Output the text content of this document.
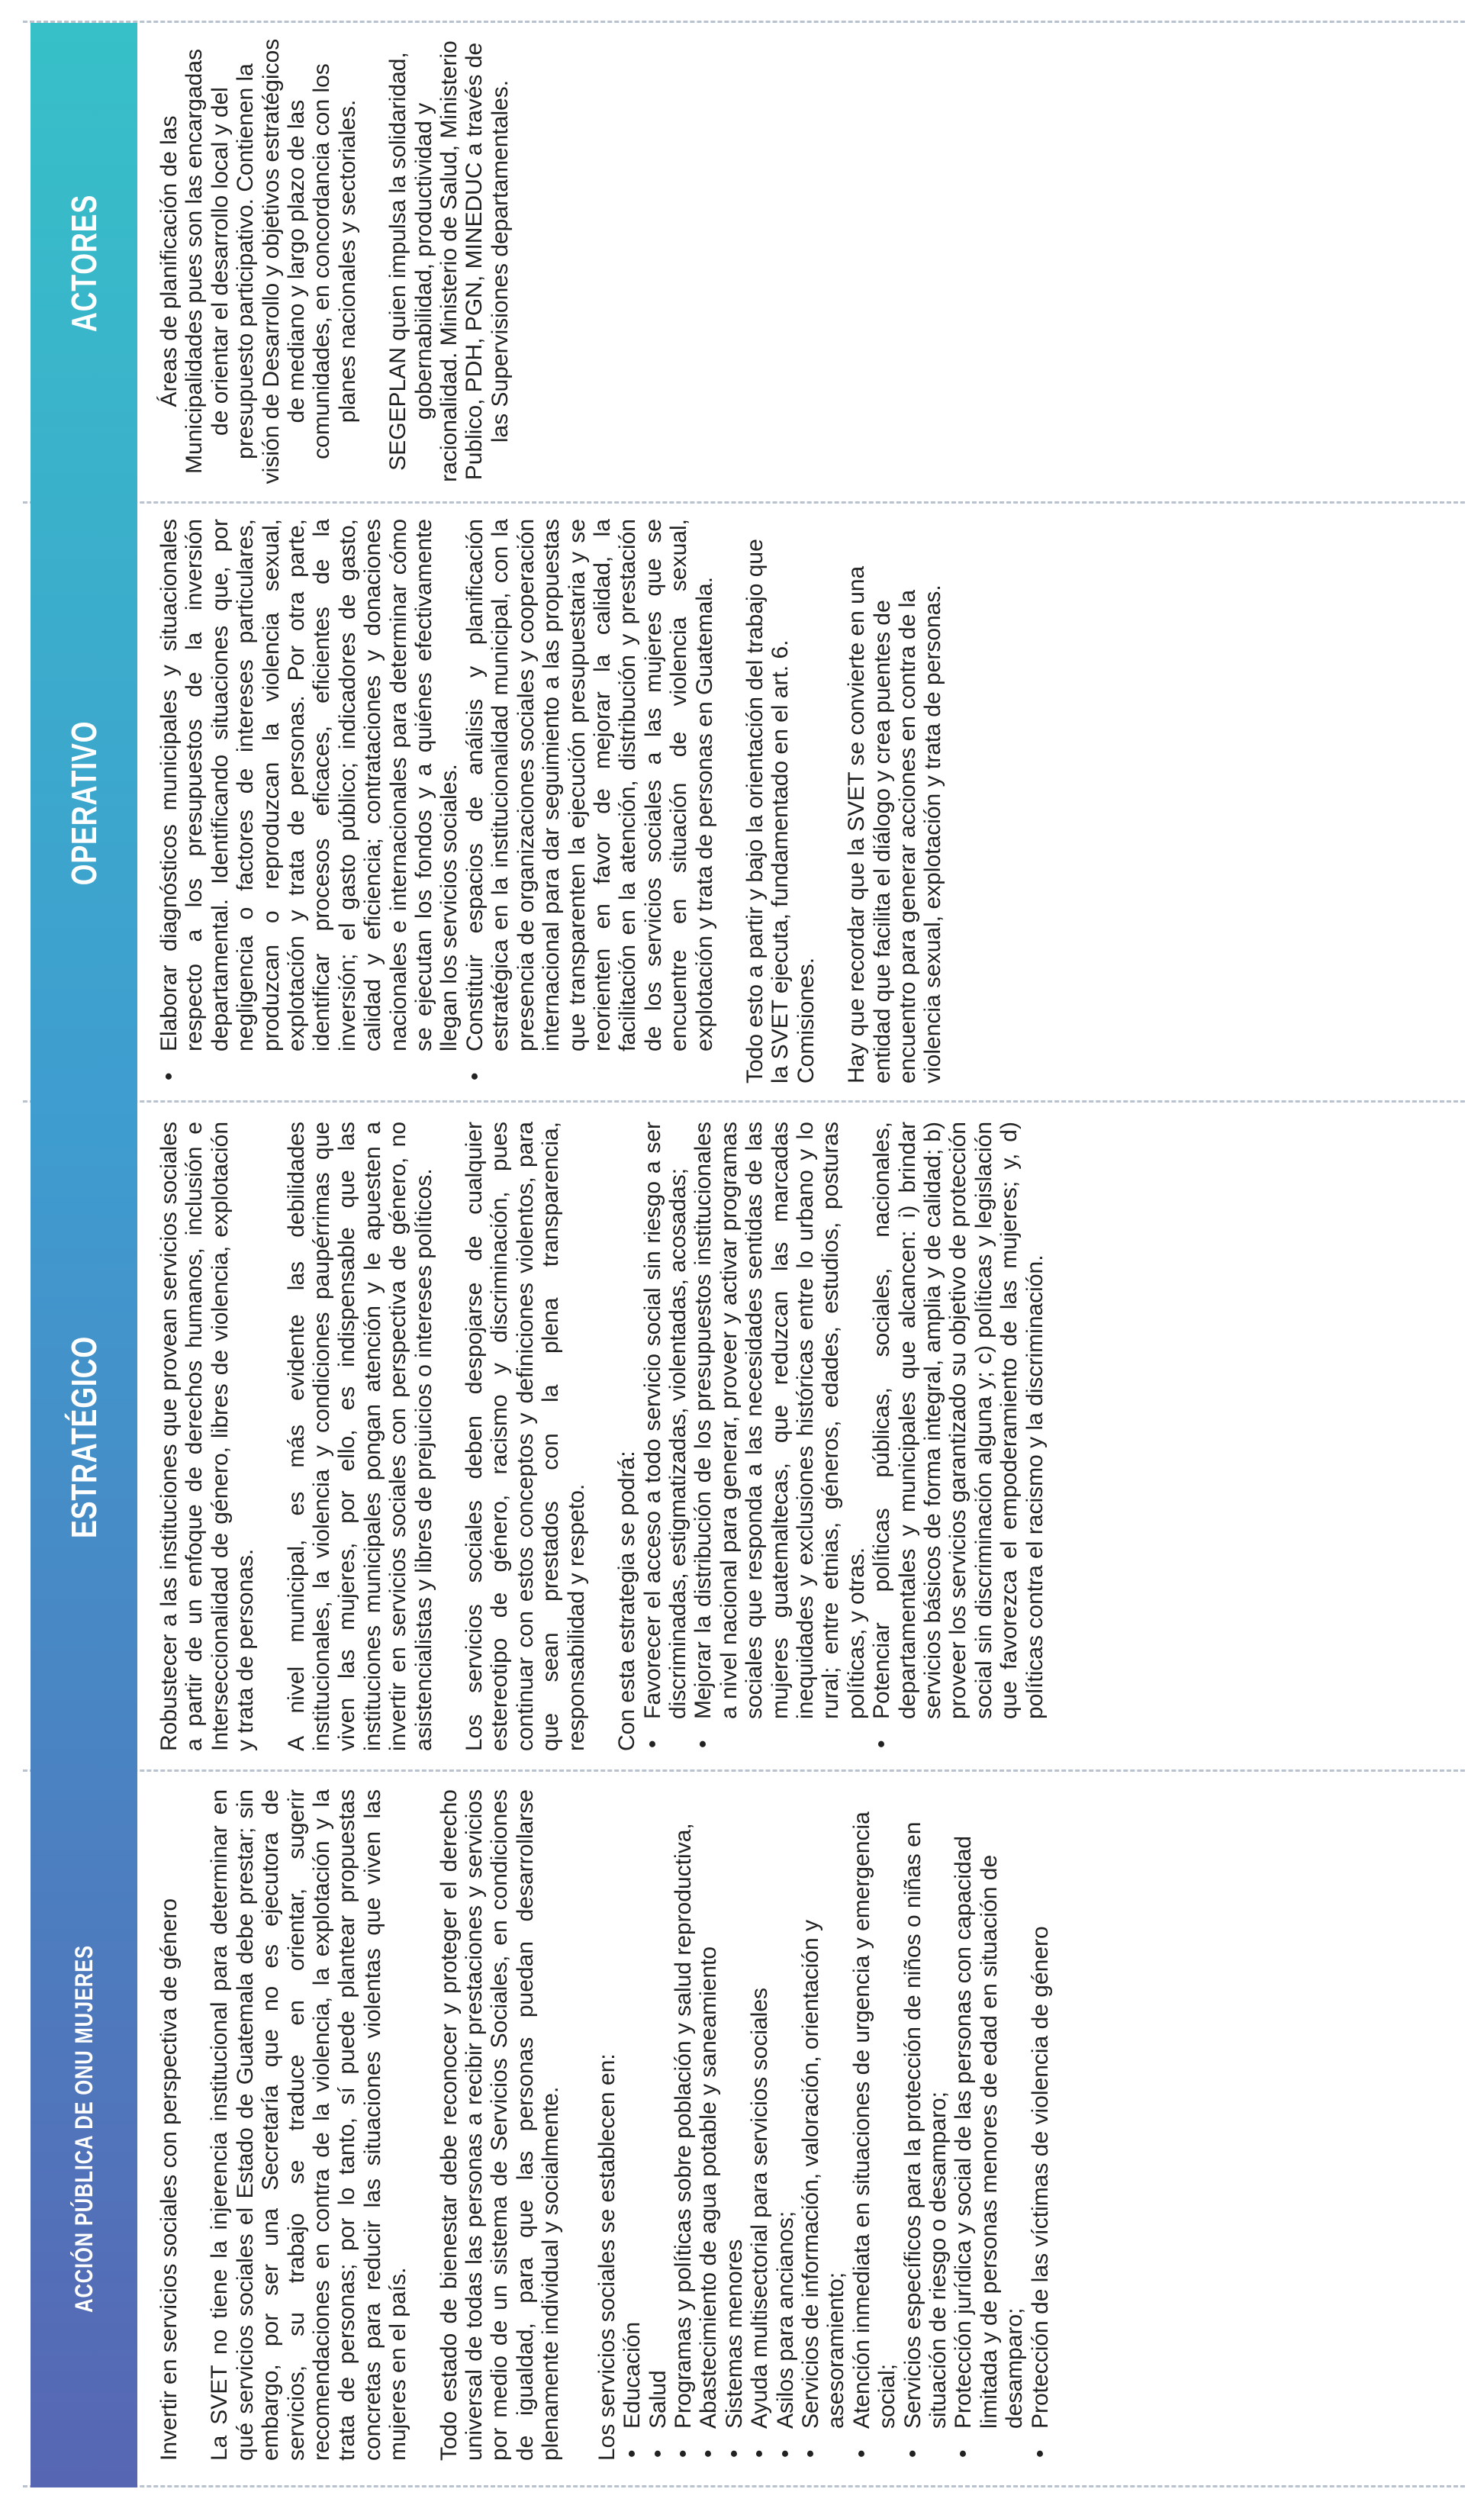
ACCIÓN PÚBLICA DE ONU MUJERES
ESTRATÉGICO
OPERATIVO
ACTORES

Invertir en servicios sociales con perspectiva de género La SVET no tiene la injerencia institucional para determinar en qué servicios sociales el Estado de Guatemala debe prestar; sin embargo, por ser una Secretaría que no es ejecutora de servicios, su trabajo se traduce en orientar, sugerir recomendaciones en contra de la violencia, la explotación y la trata de personas; por lo tanto, sí puede plantear propuestas concretas para reducir las situaciones violentas que viven las mujeres en el país. Todo estado de bienestar debe reconocer y proteger el derecho universal de todas las personas a recibir prestaciones y servicios por medio de un sistema de Servicios Sociales, en condiciones de igualdad, para que las personas puedan desarrollarse plenamente individual y socialmente. Los servicios sociales se establecen en: • Educación • Salud • Programas y políticas sobre población y salud reproductiva, • Abastecimiento de agua potable y saneamiento • Sistemas menores • Ayuda multisectorial para servicios sociales • Asilos para ancianos; • Servicios de información, valoración, orientación y asesoramiento; • Atención inmediata en situaciones de urgencia y emergencia social; • Servicios específicos para la protección de niños o niñas en situación de riesgo o desamparo; • Protección jurídica y social de las personas con capacidad limitada y de personas menores de edad en situación de desamparo; • Protección de las víctimas de violencia de género

Robustecer a las instituciones que provean servicios sociales a partir de un enfoque de derechos humanos, inclusión e Interseccionalidad de género, libres de violencia, explotación y trata de personas. A nivel municipal, es más evidente las debilidades institucionales, la violencia y condiciones paupérrimas que viven las mujeres, por ello, es indispensable que las instituciones municipales pongan atención y le apuesten a invertir en servicios sociales con perspectiva de género, no asistencialistas y libres de prejuicios o intereses políticos. Los servicios sociales deben despojarse de cualquier estereotipo de género, racismo y discriminación, pues continuar con estos conceptos y definiciones violentos, para que sean prestados con la plena transparencia, responsabilidad y respeto. Con esta estrategia se podrá: • Favorecer el acceso a todo servicio social sin riesgo a ser discriminadas, estigmatizadas, violentadas, acosadas; • Mejorar la distribución de los presupuestos institucionales a nivel nacional para generar, proveer y activar programas sociales que responda a las necesidades sentidas de las mujeres guatemaltecas, que reduzcan las marcadas inequidades y exclusiones históricas entre lo urbano y lo rural; entre etnias, géneros, edades, estudios, posturas políticas, y otras. • Potenciar políticas públicas, sociales, nacionales, departamentales y municipales que alcancen: i) brindar servicios básicos de forma integral, amplia y de calidad; b) proveer los servicios garantizado su objetivo de protección social sin discriminación alguna y; c) políticas y legislación que favorezca el empoderamiento de las mujeres; y, d) políticas contra el racismo y la discriminación.
• Elaborar diagnósticos municipales y situacionales respecto a los presupuestos de la inversión departamental. Identificando situaciones que, por negligencia o factores de intereses particulares, produzcan o reproduzcan la violencia sexual, explotación y trata de personas. Por otra parte, identificar procesos eficaces, eficientes de la inversión; el gasto público; indicadores de gasto, calidad y eficiencia; contrataciones y donaciones nacionales e internacionales para determinar cómo se ejecutan los fondos y a quiénes efectivamente llegan los servicios sociales. • Constituir espacios de análisis y planificación estratégica en la institucionalidad municipal, con la presencia de organizaciones sociales y cooperación internacional para dar seguimiento a las propuestas que transparenten la ejecución presupuestaria y se reorienten en favor de mejorar la calidad, la facilitación en la atención, distribución y prestación de los servicios sociales a las mujeres que se encuentre en situación de violencia sexual, explotación y trata de personas en Guatemala. Todo esto a partir y bajo la orientación del trabajo que la SVET ejecuta, fundamentado en el art. 6. Comisiones. Hay que recordar que la SVET se convierte en una entidad que facilita el diálogo y crea puentes de encuentro para generar acciones en contra de la violencia sexual, explotación y trata de personas.

Áreas de planificación de las Municipalidades pues son las encargadas de orientar el desarrollo local y del presupuesto participativo. Contienen la visión de Desarrollo y objetivos estratégicos de mediano y largo plazo de las comunidades, en concordancia con los planes nacionales y sectoriales. SEGEPLAN quien impulsa la solidaridad, gobernabilidad, productividad y racionalidad. Ministerio de Salud, Ministerio Publico, PDH, PGN, MINEDUC a través de las Supervisiones departamentales.
